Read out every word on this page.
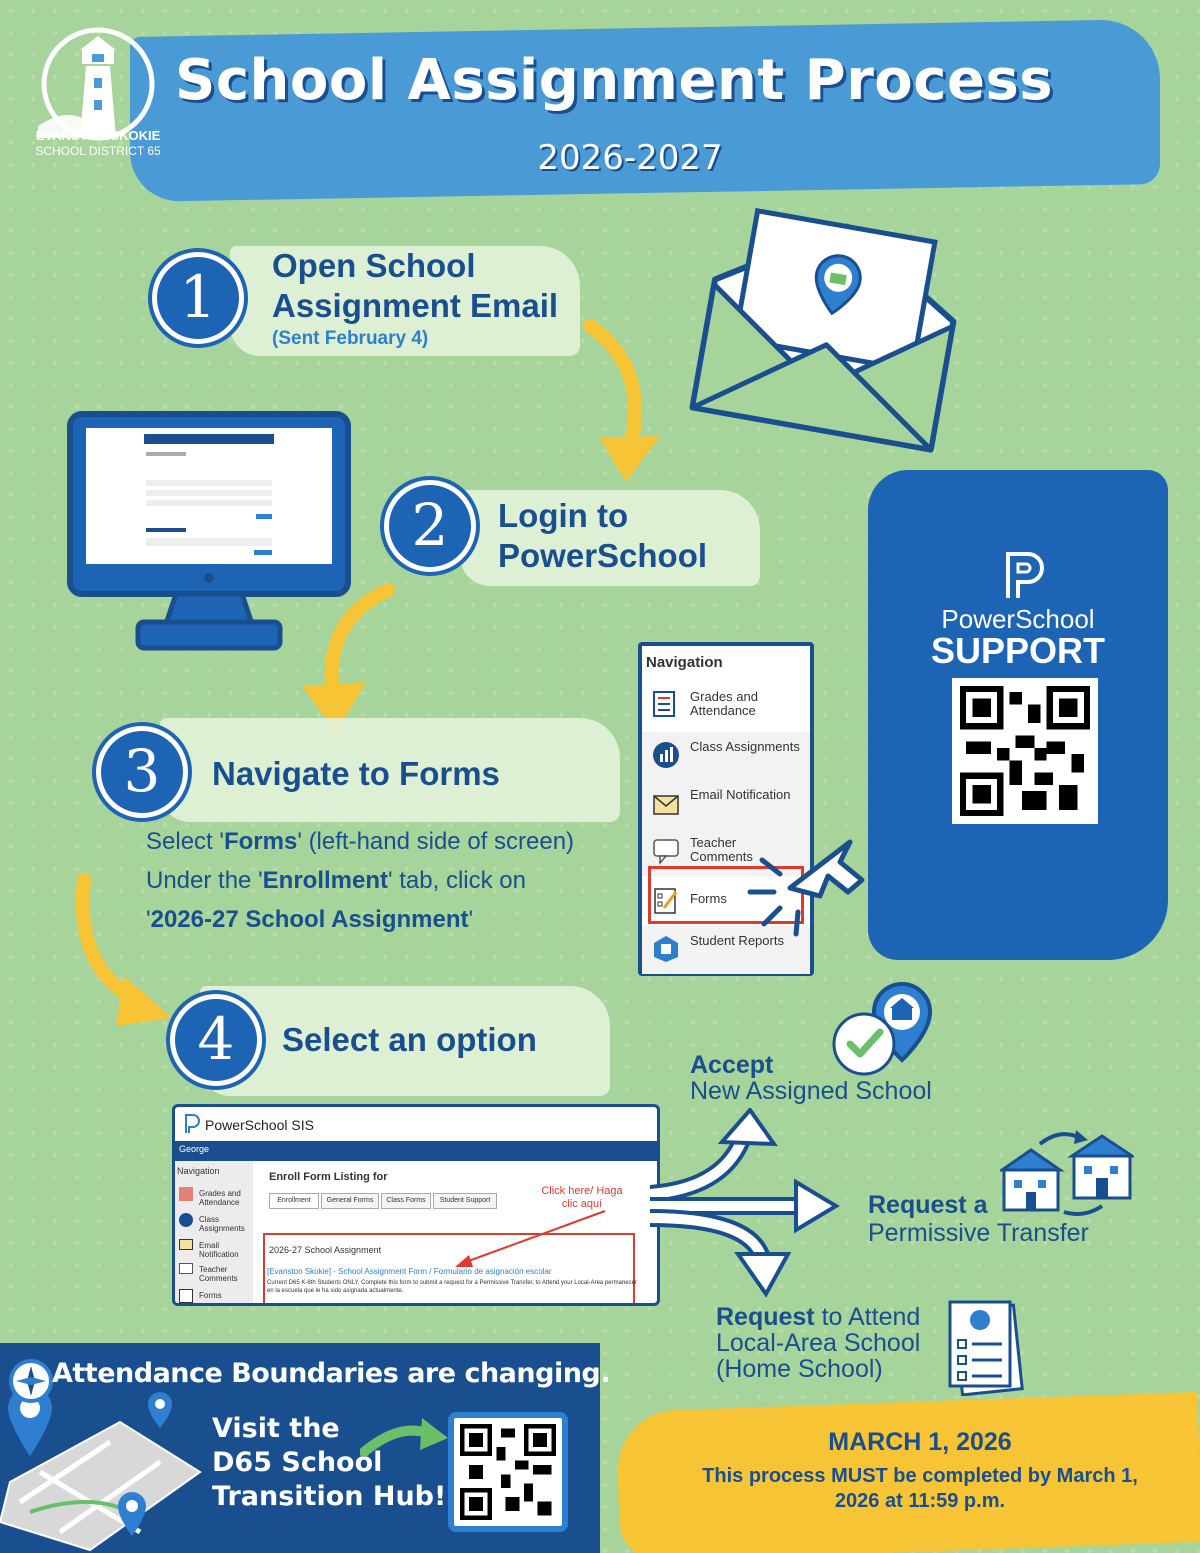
School Assignment Process
2026-2027
EVANSTON/SKOKIE
SCHOOL DISTRICT 65
1	Open School
Assignment Email
(Sent February 4)
2	Login to
PowerSchool
3	Navigate to Forms
Select 'Forms' (left-hand side of screen)
Under the 'Enrollment' tab, click on
'2026-27 School Assignment'
Navigation
Grades and Attendance
Class Assignments
Email Notification
Teacher Comments
Forms
Student Reports
PowerSchool
SUPPORT
4	Select an option
PowerSchool SIS
George
Navigation
Grades and Attendance
Class Assignments
Email Notification
Teacher Comments
Forms
Enroll Form Listing for
Enrollment	General Forms	Class Forms	Student Support
Click here/ Haga clic aquí
2026-27 School Assignment
[Evanston Skokie] - School Assignment Form / Formulario de asignación escolar
Current D65 K-8th Students ONLY. Complete this form to submit a request for a Permissive Transfer, to Attend your Local-Area permanecer en la escuela que le ha sido asignada actualmente.
Accept
New Assigned School
Request a
Permissive Transfer
Request to Attend
Local-Area School
(Home School)
Attendance Boundaries are changing.
Visit the
D65 School
Transition Hub!
MARCH 1, 2026
This process MUST be completed by March 1, 2026 at 11:59 p.m.
